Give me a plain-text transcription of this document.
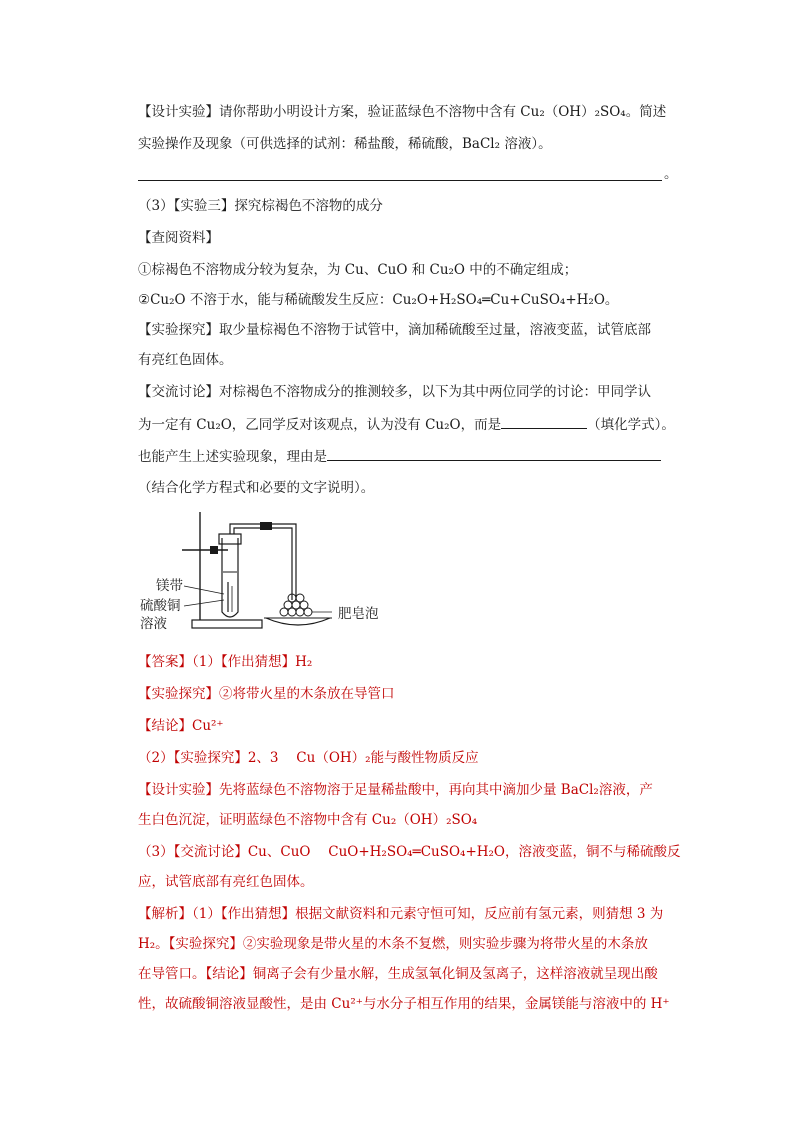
【设计实验】请你帮助小明设计方案，验证蓝绿色不溶物中含有 Cu₂（OH）₂SO₄。简述
实验操作及现象（可供选择的试剂：稀盐酸，稀硫酸，BaCl₂ 溶液）。
。
（3）【实验三】探究棕褐色不溶物的成分
【查阅资料】
①棕褐色不溶物成分较为复杂，为 Cu、CuO 和 Cu₂O 中的不确定组成；
②Cu₂O 不溶于水，能与稀硫酸发生反应：Cu₂O+H₂SO₄═Cu+CuSO₄+H₂O。
【实验探究】取少量棕褐色不溶物于试管中，滴加稀硫酸至过量，溶液变蓝，试管底部
有亮红色固体。
【交流讨论】对棕褐色不溶物成分的推测较多，以下为其中两位同学的讨论：甲同学认
为一定有 Cu₂O，乙同学反对该观点，认为没有 Cu₂O，而是	（填化学式）。
也能产生上述实验现象，理由是
（结合化学方程式和必要的文字说明）。
镁带
硫酸铜
溶液
肥皂泡
【答案】（1）【作出猜想】H₂
【实验探究】②将带火星的木条放在导管口
【结论】Cu²⁺
（2）【实验探究】2、3　 Cu（OH）₂能与酸性物质反应
【设计实验】先将蓝绿色不溶物溶于足量稀盐酸中，再向其中滴加少量 BaCl₂溶液，产
生白色沉淀，证明蓝绿色不溶物中含有 Cu₂（OH）₂SO₄
（3）【交流讨论】Cu、CuO　 CuO+H₂SO₄═CuSO₄+H₂O，溶液变蓝，铜不与稀硫酸反
应，试管底部有亮红色固体。
【解析】（1）【作出猜想】根据文献资料和元素守恒可知，反应前有氢元素，则猜想 3 为
H₂。【实验探究】②实验现象是带火星的木条不复燃，则实验步骤为将带火星的木条放
在导管口。【结论】铜离子会有少量水解，生成氢氧化铜及氢离子，这样溶液就呈现出酸
性，故硫酸铜溶液显酸性，是由 Cu²⁺与水分子相互作用的结果，金属镁能与溶液中的 H⁺
